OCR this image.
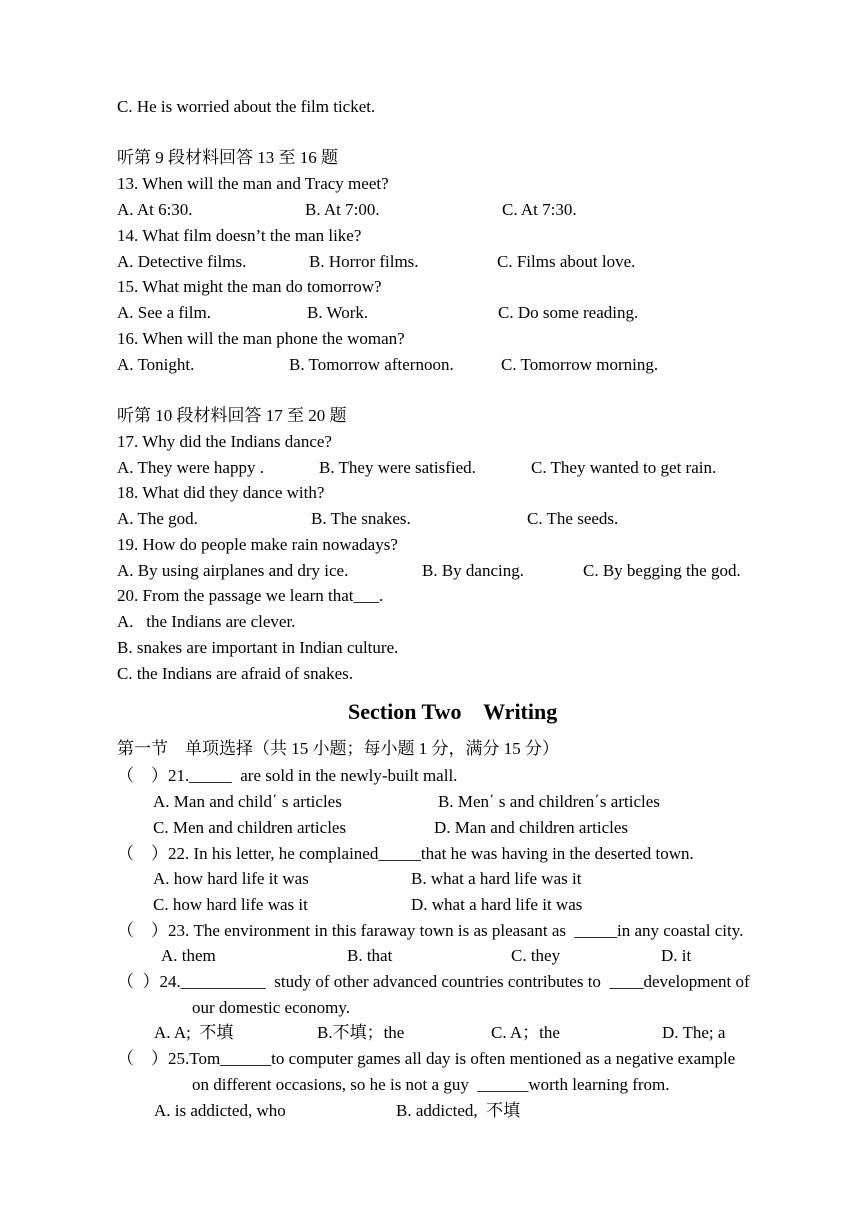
C. He is worried about the film ticket.
听第 9 段材料回答 13 至 16 题
13. When will the man and Tracy meet?
A. At 6:30.	B. At 7:00.	C. At 7:30.
14. What film doesn’t the man like?
A. Detective films.	B. Horror films.	C. Films about love.
15. What might the man do tomorrow?
A. See a film.	B. Work.	C. Do some reading.
16. When will the man phone the woman?
A. Tonight.	B. Tomorrow afternoon.	C. Tomorrow morning.
听第 10 段材料回答 17 至 20 题
17. Why did the Indians dance?
A. They were happy .	B. They were satisfied.	C. They wanted to get rain.
18. What did they dance with?
A. The god.	B. The snakes.	C. The seeds.
19. How do people make rain nowadays?
A. By using airplanes and dry ice.	B. By dancing.	C. By begging the god.
20. From the passage we learn that___.
A.   the Indians are clever.
B. snakes are important in Indian culture.
C. the Indians are afraid of snakes.
Section Two    Writing
第一节    单项选择（共 15 小题；每小题 1 分，满分 15 分）
（    ）21._____  are sold in the newly-built mall.
A. Man and child΄ s articles	B. Men΄ s and children΄s articles
C. Men and children articles	D. Man and children articles
（    ）22. In his letter, he complained_____that he was having in the deserted town.
A. how hard life it was	B. what a hard life was it
C. how hard life was it	D. what a hard life it was
（    ）23. The environment in this faraway town is as pleasant as  _____in any coastal city.
A. them	B. that	C. they	D. it
（  ）24.__________  study of other advanced countries contributes to  ____development of
our domestic economy.
A. A;  不填	B.不填；the	C. A；the	D. The; a
（    ）25.Tom______to computer games all day is often mentioned as a negative example
on different occasions, so he is not a guy  ______worth learning from.
A. is addicted, who	B. addicted,  不填
